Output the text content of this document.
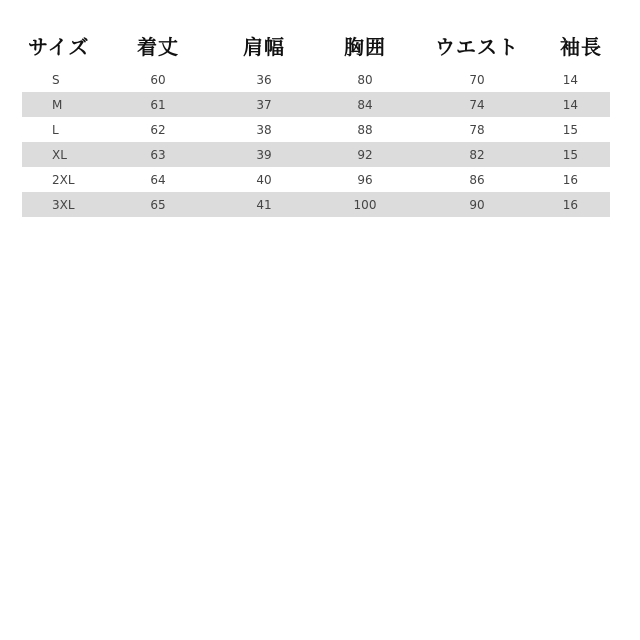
サイズ	着丈	肩幅	胸囲	ウエスト	袖長
S	60	36	80	70	14
M	61	37	84	74	14
L	62	38	88	78	15
XL	63	39	92	82	15
2XL	64	40	96	86	16
3XL	65	41	100	90	16
